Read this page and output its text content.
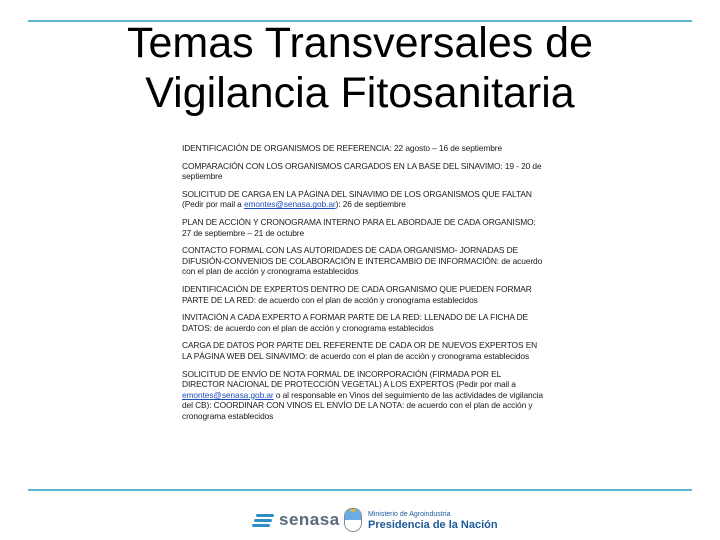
Temas Transversales de
Vigilancia Fitosanitaria

IDENTIFICACIÓN DE ORGANISMOS DE REFERENCIA: 22 agosto – 16 de septiembre

COMPARACIÓN CON LOS ORGANISMOS CARGADOS EN LA BASE DEL SINAVIMO: 19 - 20 de septiembre

SOLICITUD DE CARGA EN LA PÁGINA DEL SINAVIMO DE LOS ORGANISMOS QUE FALTAN (Pedir por mail a emontes@senasa.gob.ar): 26 de septiembre

PLAN DE ACCIÓN Y CRONOGRAMA INTERNO PARA EL ABORDAJE DE CADA ORGANISMO: 27 de septiembre – 21 de octubre

CONTACTO FORMAL CON LAS AUTORIDADES DE CADA ORGANISMO- JORNADAS DE DIFUSIÓN-CONVENIOS DE COLABORACIÓN E INTERCAMBIO DE INFORMACIÓN: de acuerdo con el plan de acción y cronograma establecidos

IDENTIFICACIÓN DE EXPERTOS DENTRO DE CADA ORGANISMO QUE PUEDEN FORMAR PARTE DE LA RED: de acuerdo con el plan de acción y cronograma establecidos

INVITACIÓN A CADA EXPERTO A FORMAR PARTE DE LA RED: LLENADO DE LA FICHA DE DATOS: de acuerdo con el plan de acción y cronograma establecidos

CARGA DE DATOS POR PARTE DEL REFERENTE DE CADA OR DE NUEVOS EXPERTOS EN LA PÁGINA WEB DEL SINAVIMO: de acuerdo con el plan de acción y cronograma establecidos

SOLICITUD DE ENVÍO DE NOTA FORMAL DE INCORPORACIÓN (FIRMADA POR EL DIRECTOR NACIONAL DE PROTECCIÓN VEGETAL) A LOS EXPERTOS (Pedir por mail a emontes@senasa.gob.ar o al responsable en Vinos del seguimiento de las actividades de vigilancia del CB): COORDINAR CON VINOS EL ENVÍO DE LA NOTA: de acuerdo con el plan de acción y cronograma establecidos

senasa	Ministerio de Agroindustria
Presidencia de la Nación
